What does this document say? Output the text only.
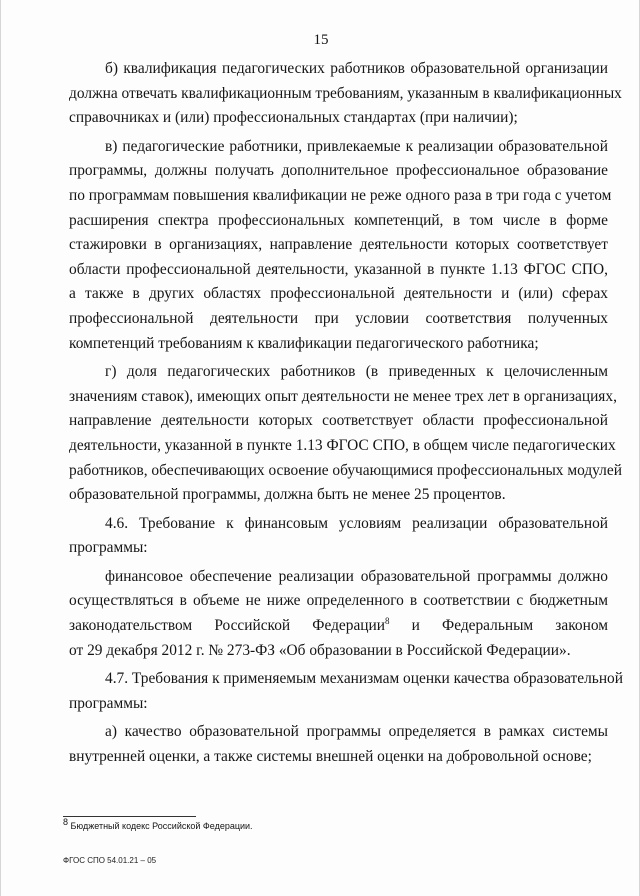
15
б) квалификация педагогических работников образовательной организации
должна отвечать квалификационным требованиям, указанным в квалификационных
справочниках и (или) профессиональных стандартах (при наличии);
в) педагогические работники, привлекаемые к реализации образовательной
программы, должны получать дополнительное профессиональное образование
по программам повышения квалификации не реже одного раза в три года с учетом
расширения спектра профессиональных компетенций, в том числе в форме
стажировки в организациях, направление деятельности которых соответствует
области профессиональной деятельности, указанной в пункте 1.13 ФГОС СПО,
а также в других областях профессиональной деятельности и (или) сферах
профессиональной деятельности при условии соответствия полученных
компетенций требованиям к квалификации педагогического работника;
г) доля педагогических работников (в приведенных к целочисленным
значениям ставок), имеющих опыт деятельности не менее трех лет в организациях,
направление деятельности которых соответствует области профессиональной
деятельности, указанной в пункте 1.13 ФГОС СПО, в общем числе педагогических
работников, обеспечивающих освоение обучающимися профессиональных модулей
образовательной программы, должна быть не менее 25 процентов.
4.6. Требование к финансовым условиям реализации образовательной
программы:
финансовое обеспечение реализации образовательной программы должно
осуществляться в объеме не ниже определенного в соответствии с бюджетным
законодательством Российской Федерации$^8$ и Федеральным законом
от 29 декабря 2012 г. № 273-ФЗ «Об образовании в Российской Федерации».
4.7. Требования к применяемым механизмам оценки качества образовательной
программы:
а) качество образовательной программы определяется в рамках системы
внутренней оценки, а также системы внешней оценки на добровольной основе;
8 Бюджетный кодекс Российской Федерации.
ФГОС СПО 54.01.21 – 05
